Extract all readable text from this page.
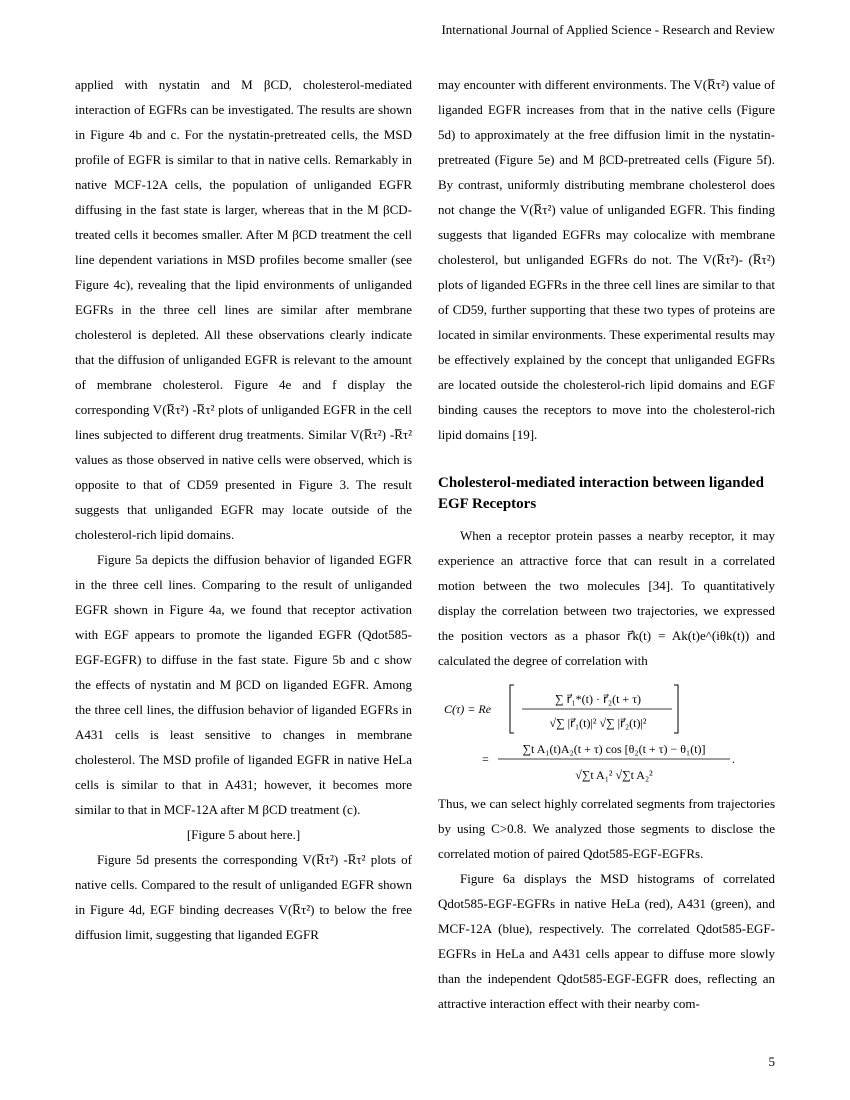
International Journal of Applied Science - Research and Review

applied with nystatin and M βCD, cholesterol-mediated interaction of EGFRs can be investigated. The results are shown in Figure 4b and c. For the nystatin-pretreated cells, the MSD profile of EGFR is similar to that in native cells. Remarkably in native MCF-12A cells, the population of unliganded EGFR diffusing in the fast state is larger, whereas that in the M βCD-treated cells it becomes smaller. After M βCD treatment the cell line dependent variations in MSD profiles become smaller (see Figure 4c), revealing that the lipid environments of unliganded EGFRs in the three cell lines are similar after membrane cholesterol is depleted. All these observations clearly indicate that the diffusion of unliganded EGFR is relevant to the amount of membrane cholesterol. Figure 4e and f display the corresponding V(R̅τ²) -R̅τ² plots of unliganded EGFR in the cell lines subjected to different drug treatments. Similar V(R̅τ²) -R̅τ² values as those observed in native cells were observed, which is opposite to that of CD59 presented in Figure 3. The result suggests that unliganded EGFR may locate outside of the cholesterol-rich lipid domains.

Figure 5a depicts the diffusion behavior of liganded EGFR in the three cell lines. Comparing to the result of unliganded EGFR shown in Figure 4a, we found that receptor activation with EGF appears to promote the liganded EGFR (Qdot585-EGF-EGFR) to diffuse in the fast state. Figure 5b and c show the effects of nystatin and M βCD on liganded EGFR. Among the three cell lines, the diffusion behavior of liganded EGFRs in A431 cells is least sensitive to changes in membrane cholesterol. The MSD profile of liganded EGFR in native HeLa cells is similar to that in A431; however, it becomes more similar to that in MCF-12A after M βCD treatment (c).

[Figure 5 about here.]

Figure 5d presents the corresponding V(R̅τ²) -R̅τ² plots of native cells. Compared to the result of unliganded EGFR shown in Figure 4d, EGF binding decreases V(R̅τ²) to below the free diffusion limit, suggesting that liganded EGFR

may encounter with different environments. The V(R̅τ²) value of liganded EGFR increases from that in the native cells (Figure 5d) to approximately at the free diffusion limit in the nystatin-pretreated (Figure 5e) and M βCD-pretreated cells (Figure 5f). By contrast, uniformly distributing membrane cholesterol does not change the V(R̅τ²) value of unliganded EGFR. This finding suggests that liganded EGFRs may colocalize with membrane cholesterol, but unliganded EGFRs do not. The V(R̅τ²)- (R̅τ²) plots of liganded EGFRs in the three cell lines are similar to that of CD59, further supporting that these two types of proteins are located in similar environments. These experimental results may be effectively explained by the concept that unliganded EGFRs are located outside the cholesterol-rich lipid domains and EGF binding causes the receptors to move into the cholesterol-rich lipid domains [19].

Cholesterol-mediated interaction between liganded EGF Receptors

When a receptor protein passes a nearby receptor, it may experience an attractive force that can result in a correlated motion between the two molecules [34]. To quantitatively display the correlation between two trajectories, we expressed the position vectors as a phasor r⃗k(t) = Ak(t)e^(iθk(t)) and calculated the degree of correlation with

C(τ) = Re
∑ r⃗₁*(t) · r⃗₂(t + τ)
√∑ |r⃗₁(t)|² √∑ |r⃗₂(t)|²
=
∑t A₁(t)A₂(t + τ) cos [θ₂(t + τ) − θ₁(t)]
√∑t A₁² √∑t A₂²
.

Thus, we can select highly correlated segments from trajectories by using C>0.8. We analyzed those segments to disclose the correlated motion of paired Qdot585-EGF-EGFRs.

Figure 6a displays the MSD histograms of correlated Qdot585-EGF-EGFRs in native HeLa (red), A431 (green), and MCF-12A (blue), respectively. The correlated Qdot585-EGF-EGFRs in HeLa and A431 cells appear to diffuse more slowly than the independent Qdot585-EGF-EGFR does, reflecting an attractive interaction effect with their nearby com-

5
